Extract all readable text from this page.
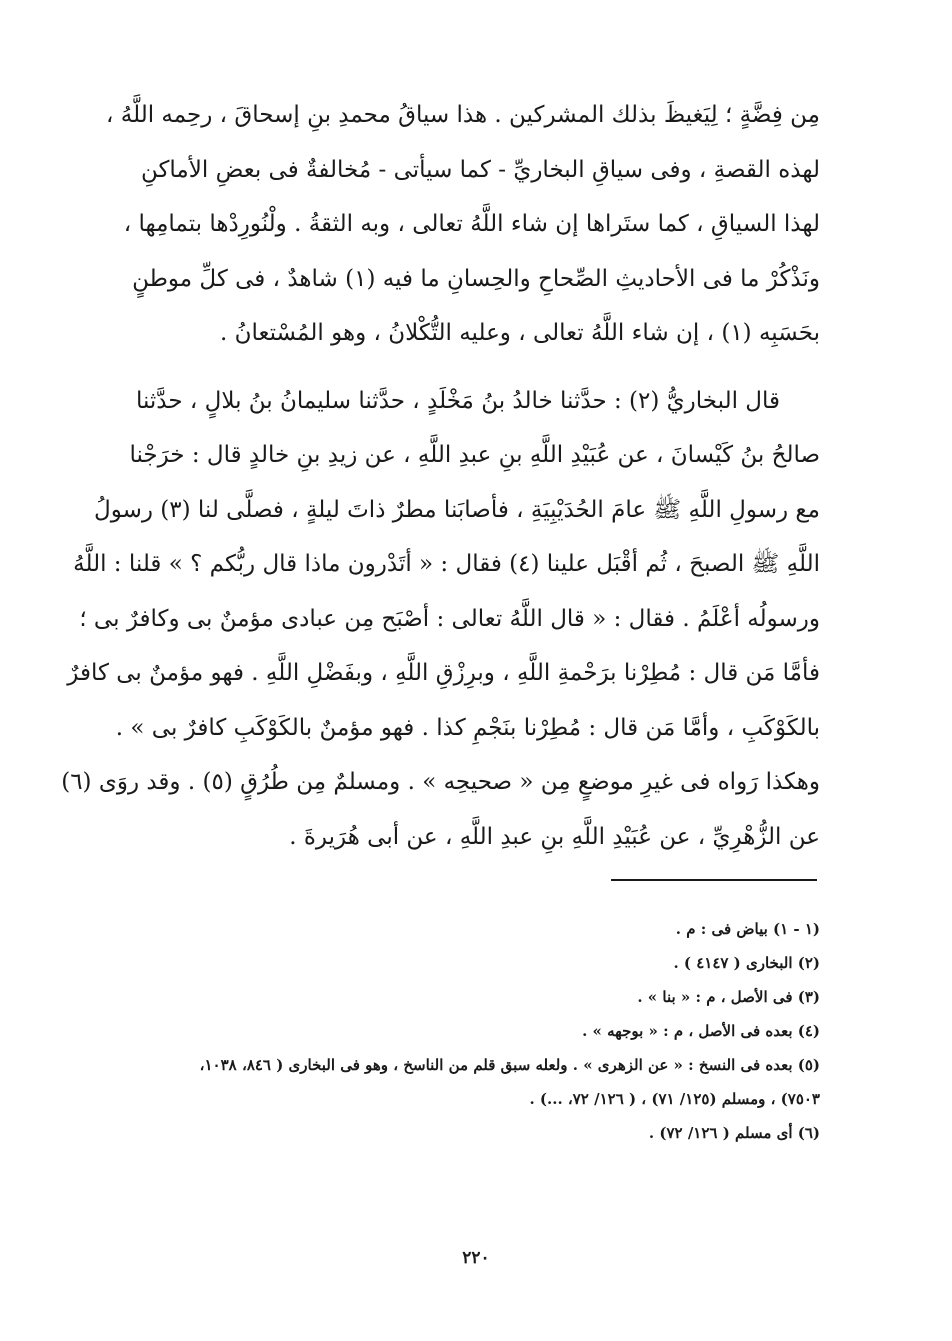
مِن فِضَّةٍ ؛ لِيَغيظَ بذلك المشركين . هذا سياقُ محمدِ بنِ إسحاقَ ، رحِمه اللَّهُ ،
لهذه القصةِ ، وفى سياقِ البخاريِّ - كما سيأتى - مُخالفةٌ فى بعضِ الأماكنِ
لهذا السياقِ ، كما ستَراها إن شاء اللَّهُ تعالى ، وبه الثقةُ . ولْنُورِدْها بتمامِها ،
ونَذْكُرْ ما فى الأحاديثِ الصِّحاحِ والحِسانِ ما فيه (١) شاهدٌ ، فى كلِّ موطنٍ
بحَسَبِه (١) ، إن شاء اللَّهُ تعالى ، وعليه التُّكْلانُ ، وهو المُسْتعانُ .

قال البخاريُّ (٢) : حدَّثنا خالدُ بنُ مَخْلَدٍ ، حدَّثنا سليمانُ بنُ بلالٍ ، حدَّثنا
صالحُ بنُ كَيْسانَ ، عن عُبَيْدِ اللَّهِ بنِ عبدِ اللَّهِ ، عن زيدِ بنِ خالدٍ قال : خرَجْنا
مع رسولِ اللَّهِ ﷺ عامَ الحُدَيْبِيَةِ ، فأصابَنا مطرٌ ذاتَ ليلةٍ ، فصلَّى لنا (٣) رسولُ
اللَّهِ ﷺ الصبحَ ، ثُم أقْبَل علينا (٤) فقال : « أتَدْرون ماذا قال ربُّكم ؟ » قلنا : اللَّهُ
ورسولُه أعْلَمُ . فقال : « قال اللَّهُ تعالى : أصْبَح مِن عبادى مؤمنٌ بى وكافرٌ بى ؛
فأمَّا مَن قال : مُطِرْنا برَحْمةِ اللَّهِ ، وبرِزْقِ اللَّهِ ، وبفَضْلِ اللَّهِ . فهو مؤمنٌ بى كافرٌ
بالكَوْكَبِ ، وأمَّا مَن قال : مُطِرْنا بنَجْمِ كذا . فهو مؤمنٌ بالكَوْكَبِ كافرٌ بى » .
وهكذا رَواه فى غيرِ موضعٍ مِن « صحيحِه » . ومسلمٌ مِن طُرُقٍ (٥) . وقد روَى (٦)
عن الزُّهْرِيِّ ، عن عُبَيْدِ اللَّهِ بنِ عبدِ اللَّهِ ، عن أبى هُرَيرةَ .

(١ - ١) بياض فى : م .
(٢) البخارى ( ٤١٤٧ ) .
(٣) فى الأصل ، م : « بنا » .
(٤) بعده فى الأصل ، م : « بوجهه » .
(٥) بعده فى النسخ : « عن الزهرى » . ولعله سبق قلم من الناسخ ، وهو فى البخارى ( ٨٤٦، ١٠٣٨،
٧٥٠٣) ، ومسلم (١٢٥/ ٧١) ، ( ١٢٦/ ٧٢، ...) .
(٦) أى مسلم ( ١٢٦/ ٧٢) .
٢٢٠
